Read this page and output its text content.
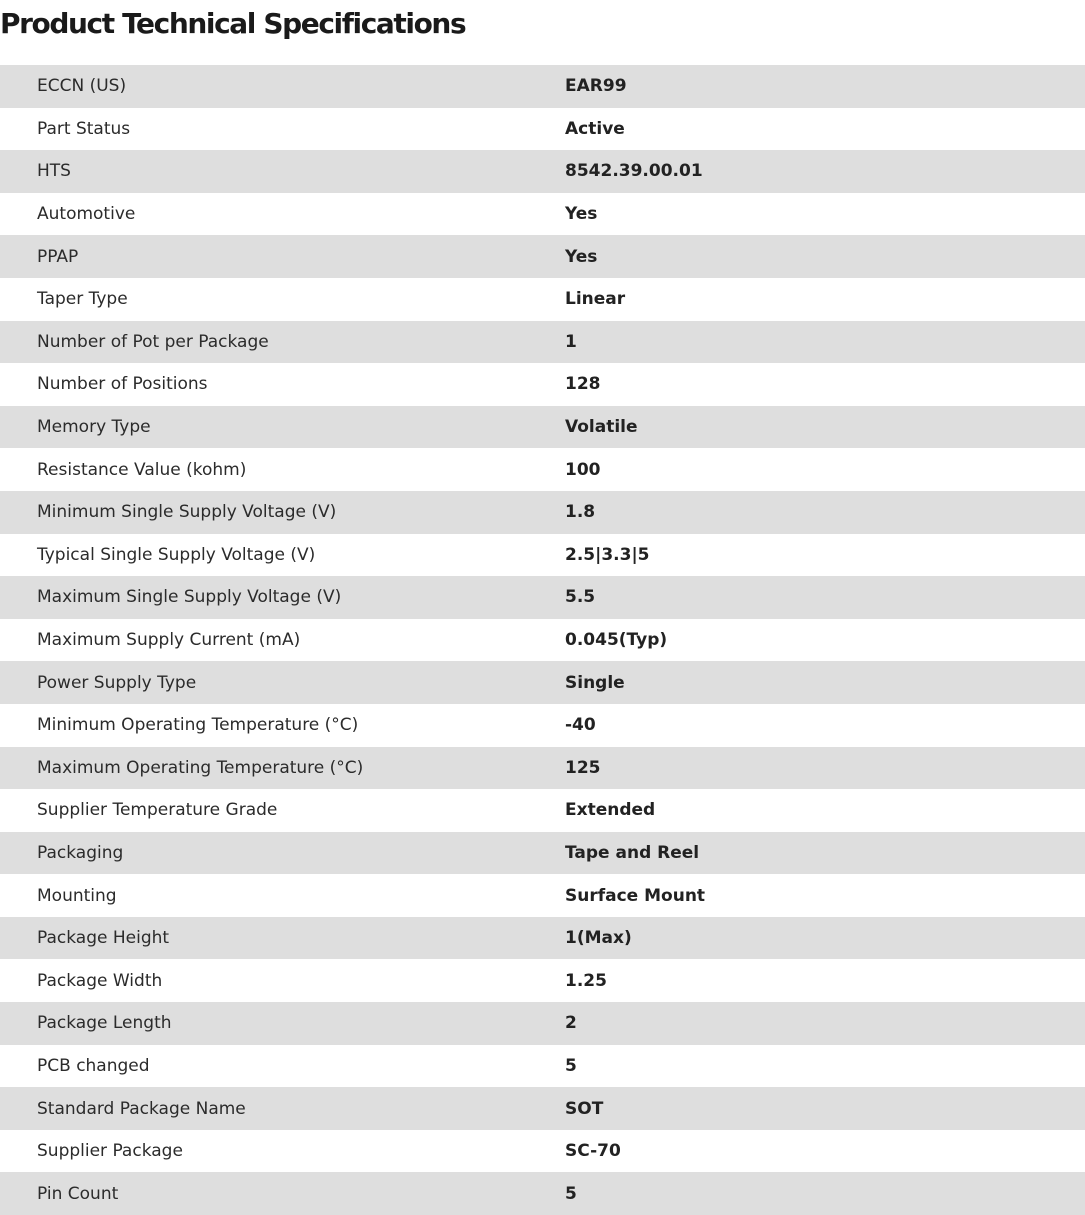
Product Technical Specifications
ECCN (US)	EAR99
Part Status	Active
HTS	8542.39.00.01
Automotive	Yes
PPAP	Yes
Taper Type	Linear
Number of Pot per Package	1
Number of Positions	128
Memory Type	Volatile
Resistance Value (kohm)	100
Minimum Single Supply Voltage (V)	1.8
Typical Single Supply Voltage (V)	2.5|3.3|5
Maximum Single Supply Voltage (V)	5.5
Maximum Supply Current (mA)	0.045(Typ)
Power Supply Type	Single
Minimum Operating Temperature (°C)	-40
Maximum Operating Temperature (°C)	125
Supplier Temperature Grade	Extended
Packaging	Tape and Reel
Mounting	Surface Mount
Package Height	1(Max)
Package Width	1.25
Package Length	2
PCB changed	5
Standard Package Name	SOT
Supplier Package	SC-70
Pin Count	5
